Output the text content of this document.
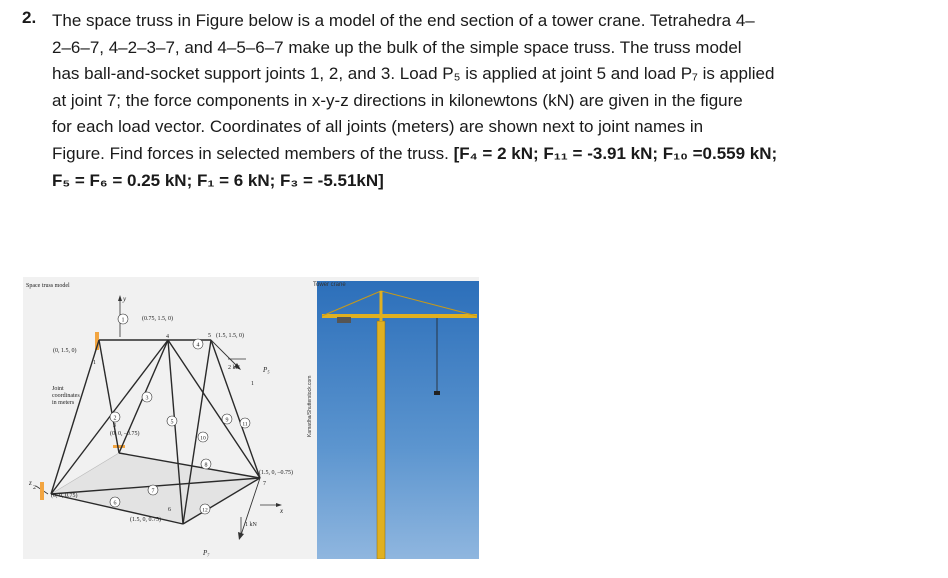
2. The space truss in Figure below is a model of the end section of a tower crane. Tetrahedra 4–
2–6–7, 4–2–3–7, and 4–5–6–7 make up the bulk of the simple space truss. The truss model
has ball-and-socket support joints 1, 2, and 3. Load P₅ is applied at joint 5 and load P₇ is applied
at joint 7; the force components in x-y-z directions in kilonewtons (kN) are given in the figure
for each load vector. Coordinates of all joints (meters) are shown next to joint names in
Figure. Find forces in selected members of the truss. [F₄ = 2 kN; F₁₁ = -3.91 kN; F₁₀ =0.559 kN;
F₅ = F₆ = 0.25 kN; F₁ = 6 kN; F₃ = -5.51kN]
Space truss model
y
x
z
(0, 1.5, 0)
1
(0.75, 1.5, 0)
4	5 (1.5, 1.5, 0)
3
(0, 0, –0.75)
2
(0, 0, 0.75)
6
(1.5, 0, 0.75)
7
(1.5, 0, –0.75)
Joint
coordinates
in meters
2 kN	P₅
1
1 kN
P₇
1
2
3
4
5
6
7
8
9
10
11
12
Tower crane
Kamadha/Shutterstock.com
